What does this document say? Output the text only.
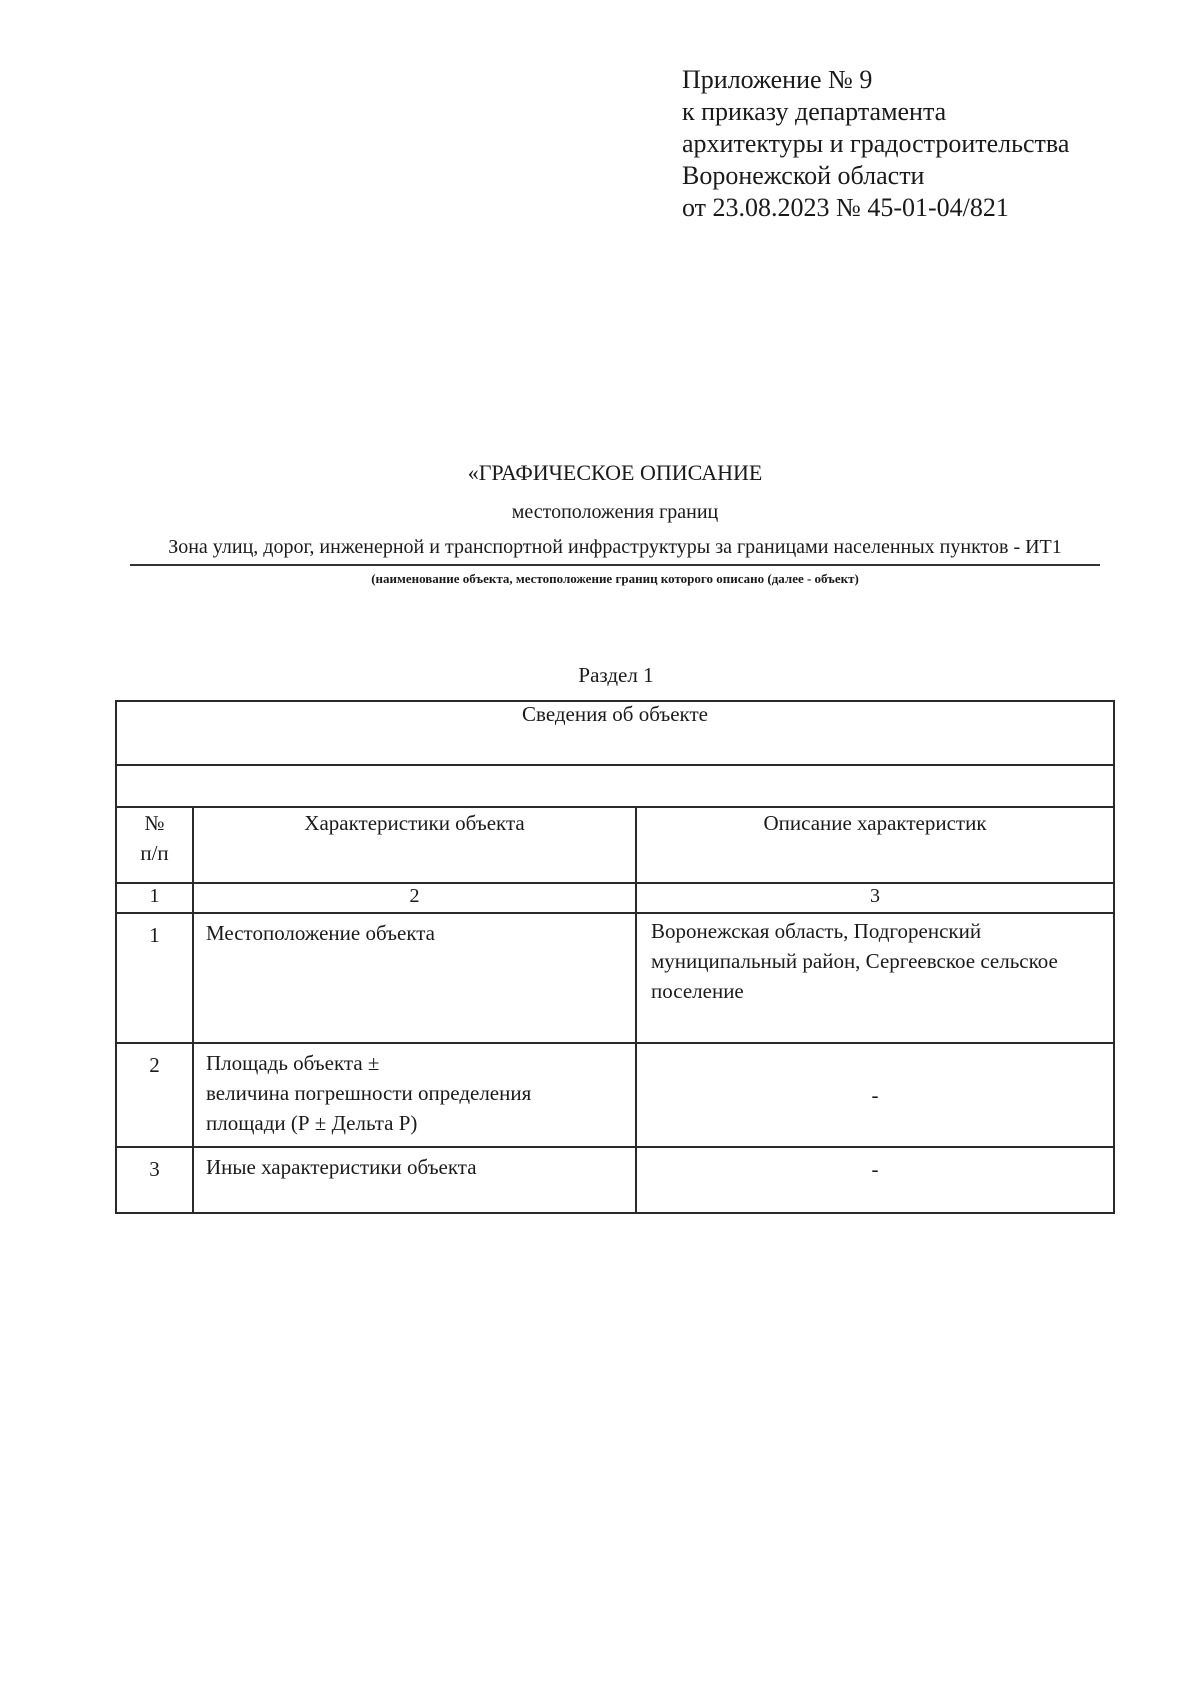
Приложение № 9
к приказу департамента
архитектуры и градостроительства
Воронежской области
от 23.08.2023 № 45-01-04/821
«ГРАФИЧЕСКОЕ ОПИСАНИЕ
местоположения границ
Зона улиц, дорог, инженерной и транспортной инфраструктуры за границами населенных пунктов - ИТ1
(наименование объекта, местоположение границ которого описано (далее - объект)
Раздел 1
Сведения об объекте		

№ п/п	Характеристики объекта	Описание характеристик
1	2	3
1	Местоположение объекта	Воронежская область, Подгоренский муниципальный район, Сергеевское сельское поселение
2	Площадь объекта ±
величина погрешности определения
площади (Р ± Дельта Р)	-
3	Иные характеристики объекта	-
